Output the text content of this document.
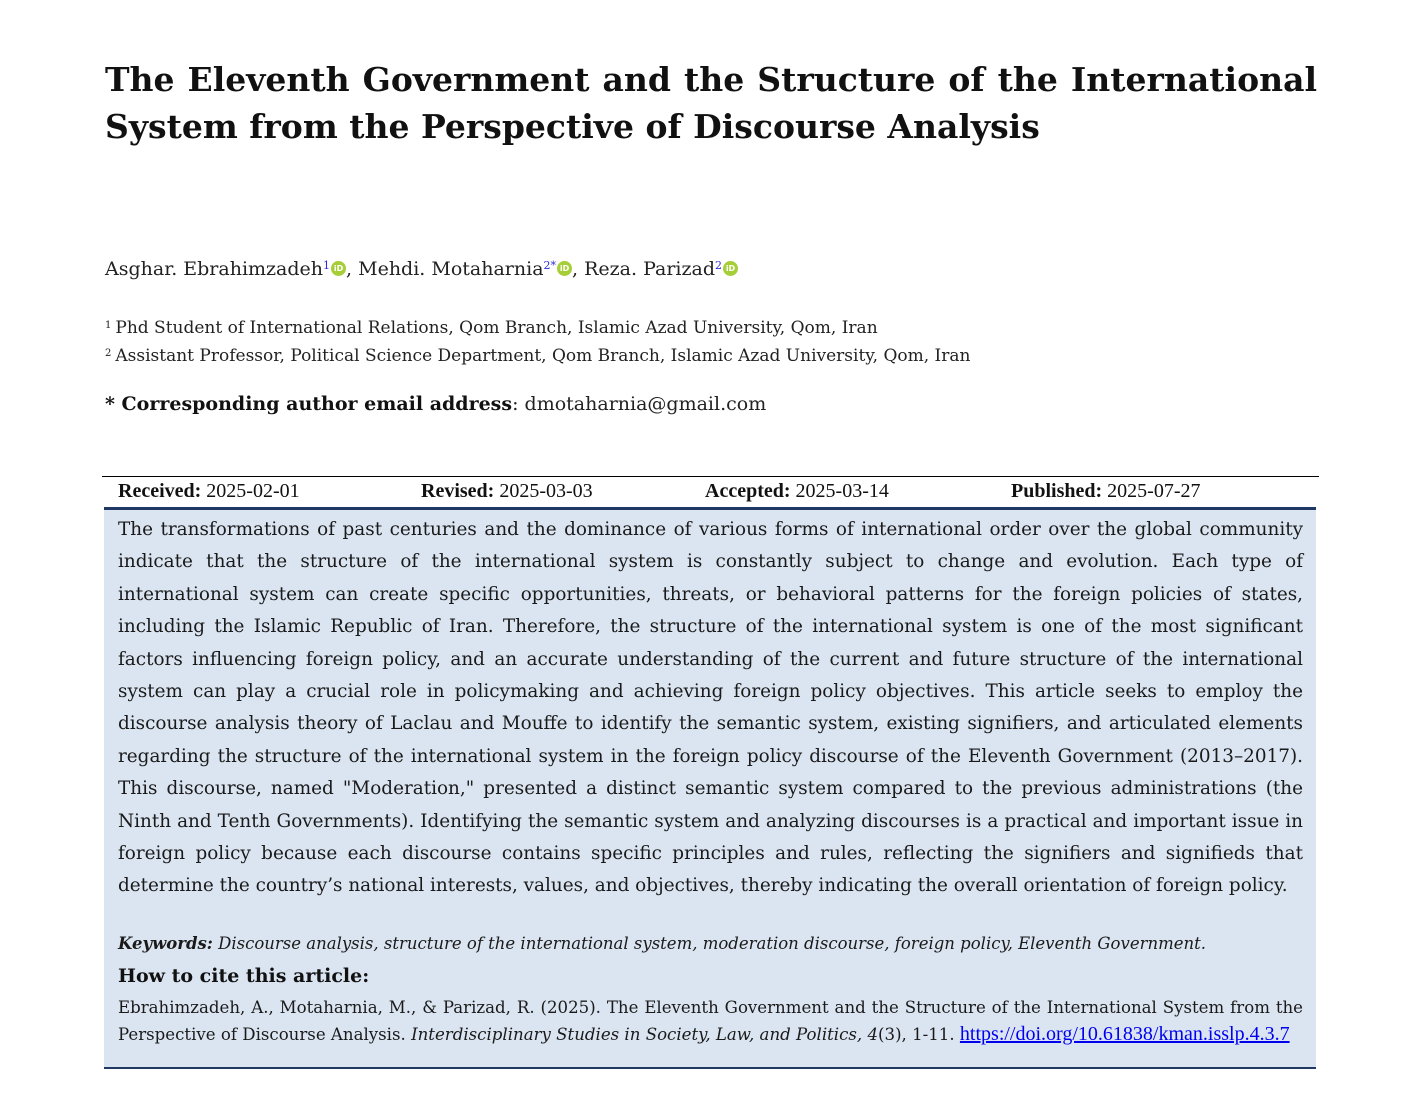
The Eleventh Government and the Structure of the International System from the Perspective of Discourse Analysis
Asghar. Ebrahimzadeh$^1$ iD , Mehdi. Motaharnia$^{2*}$ iD , Reza. Parizad$^2$ iD
$^1$ Phd Student of International Relations, Qom Branch, Islamic Azad University, Qom, Iran
$^2$ Assistant Professor, Political Science Department, Qom Branch, Islamic Azad University, Qom, Iran
* Corresponding author email address: dmotaharnia@gmail.com
Received: 2025-02-01	Revised: 2025-03-03	Accepted: 2025-03-14	Published: 2025-07-27

The transformations of past centuries and the dominance of various forms of international order over the global community indicate that the structure of the international system is constantly subject to change and evolution. Each type of international system can create specific opportunities, threats, or behavioral patterns for the foreign policies of states, including the Islamic Republic of Iran. Therefore, the structure of the international system is one of the most significant factors influencing foreign policy, and an accurate understanding of the current and future structure of the international system can play a crucial role in policymaking and achieving foreign policy objectives. This article seeks to employ the discourse analysis theory of Laclau and Mouffe to identify the semantic system, existing signifiers, and articulated elements regarding the structure of the international system in the foreign policy discourse of the Eleventh Government (2013–2017). This discourse, named "Moderation," presented a distinct semantic system compared to the previous administrations (the Ninth and Tenth Governments). Identifying the semantic system and analyzing discourses is a practical and important issue in foreign policy because each discourse contains specific principles and rules, reflecting the signifiers and signifieds that determine the country’s national interests, values, and objectives, thereby indicating the overall orientation of foreign policy.

Keywords: Discourse analysis, structure of the international system, moderation discourse, foreign policy, Eleventh Government.
How to cite this article:

Ebrahimzadeh, A., Motaharnia, M., & Parizad, R. (2025). The Eleventh Government and the Structure of the International System from the Perspective of Discourse Analysis. Interdisciplinary Studies in Society, Law, and Politics, 4(3), 1-11. https://doi.org/10.61838/kman.isslp.4.3.7
